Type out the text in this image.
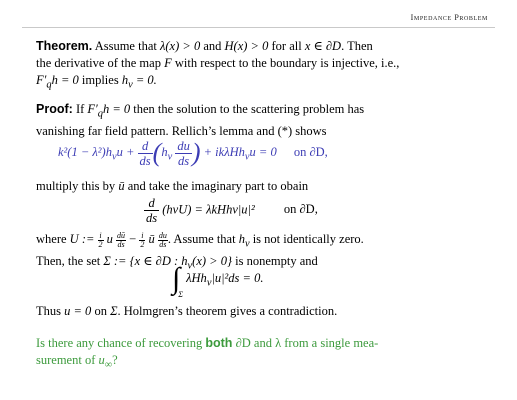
Impedance Problem
Theorem. Assume that λ(x) > 0 and H(x) > 0 for all x ∈ ∂D. Then
the derivative of the map F with respect to the boundary is injective, i.e.,
$F'_qh = 0$ implies $h_\nu = 0$.
Proof: If $F'_qh = 0$ then the solution to the scattering problem has
vanishing far field pattern. Rellich’s lemma and (*) shows
$k^2(1 - \lambda^2)h_\nu u + \frac{d}{ds} (h_\nu \frac{du}{ds}$ ) + ikλHh$_\nu$u = 0 on ∂D,
multiply this by ū and take the imaginary part to obain
$\frac{d}{ds} (h\nu U) = \lambda kHh\nu|u|^2$ on ∂D,
where U := $\frac{i}{2}$ u $\frac{dū}{ds} - \frac{i}{2}$ ū $\frac{du}{ds}$ . Assume that $h_\nu$ is not identically zero.
Then, the set Σ := {x ∈ ∂D : $h_\nu(x) > 0$} is nonempty and
$\int_\Sigma$ λHh$_\nu$|u|²ds = 0.
Thus u = 0 on Σ. Holmgren’s theorem gives a contradiction.
Is there any chance of recovering both ∂D and λ from a single mea-
surement of $u_\infty$?
